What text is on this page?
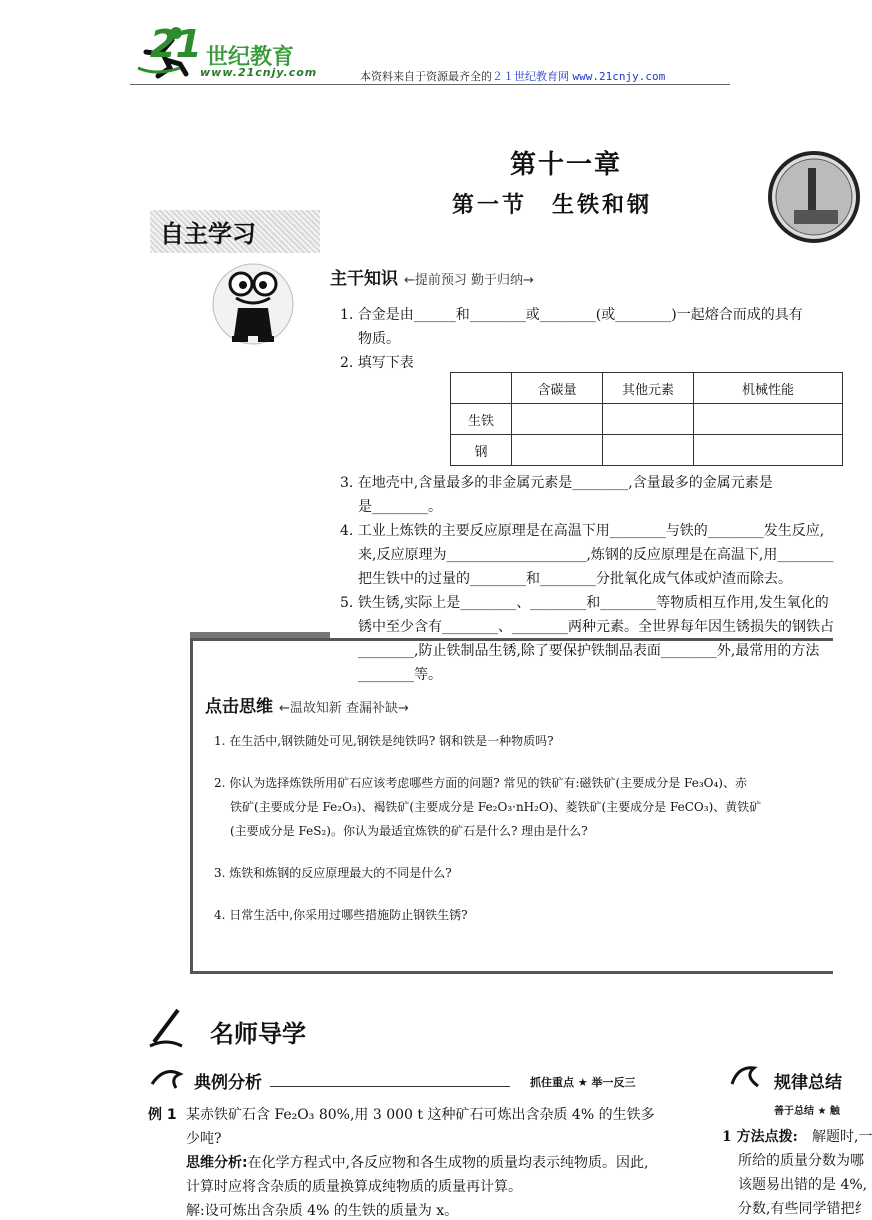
21 世纪教育
www.21cnjy.com	本资料来自于资源最齐全的２１世纪教育网 www.21cnjy.com
第十一章
第一节　生铁和钢
自主学习
主干知识 ←提前预习 勤于归纳→
1. 合金是由______和________或________(或________)一起熔合而成的具有
物质。
2. 填写下表
	含碳量	其他元素	机械性能
生铁			
钢			
3. 在地壳中,含量最多的非金属元素是________,含量最多的金属元素是
是________。
4. 工业上炼铁的主要反应原理是在高温下用________与铁的________发生反应,
来,反应原理为____________________,炼钢的反应原理是在高温下,用________
把生铁中的过量的________和________分批氧化成气体或炉渣而除去。
5. 铁生锈,实际上是________、________和________等物质相互作用,发生氧化的
锈中至少含有________、________两种元素。全世界每年因生锈损失的钢铁占
________,防止铁制品生锈,除了要保护铁制品表面________外,最常用的方法
________等。
点击思维 ←温故知新 查漏补缺→
1. 在生活中,钢铁随处可见,钢铁是纯铁吗? 钢和铁是一种物质吗?
2. 你认为选择炼铁所用矿石应该考虑哪些方面的问题? 常见的铁矿有:磁铁矿(主要成分是 Fe₃O₄)、赤
铁矿(主要成分是 Fe₂O₃)、褐铁矿(主要成分是 Fe₂O₃·nH₂O)、菱铁矿(主要成分是 FeCO₃)、黄铁矿
(主要成分是 FeS₂)。你认为最适宜炼铁的矿石是什么? 理由是什么?
3. 炼铁和炼钢的反应原理最大的不同是什么?
4. 日常生活中,你采用过哪些措施防止钢铁生锈?
名师导学
典例分析	抓住重点 ★ 举一反三	规律总结
善于总结 ★ 触
例 1 某赤铁矿石含 Fe₂O₃ 80%,用 3 000 t 这种矿石可炼出含杂质 4% 的生铁多
少吨?
思维分析:在化学方程式中,各反应物和各生成物的质量均表示纯物质。因此,
计算时应将含杂质的质量换算成纯物质的质量再计算。
解:设可炼出含杂质 4% 的生铁的质量为 x。
1 方法点拨: 解题时,一
所给的质量分数为哪
该题易出错的是 4%,
分数,有些同学错把纟
